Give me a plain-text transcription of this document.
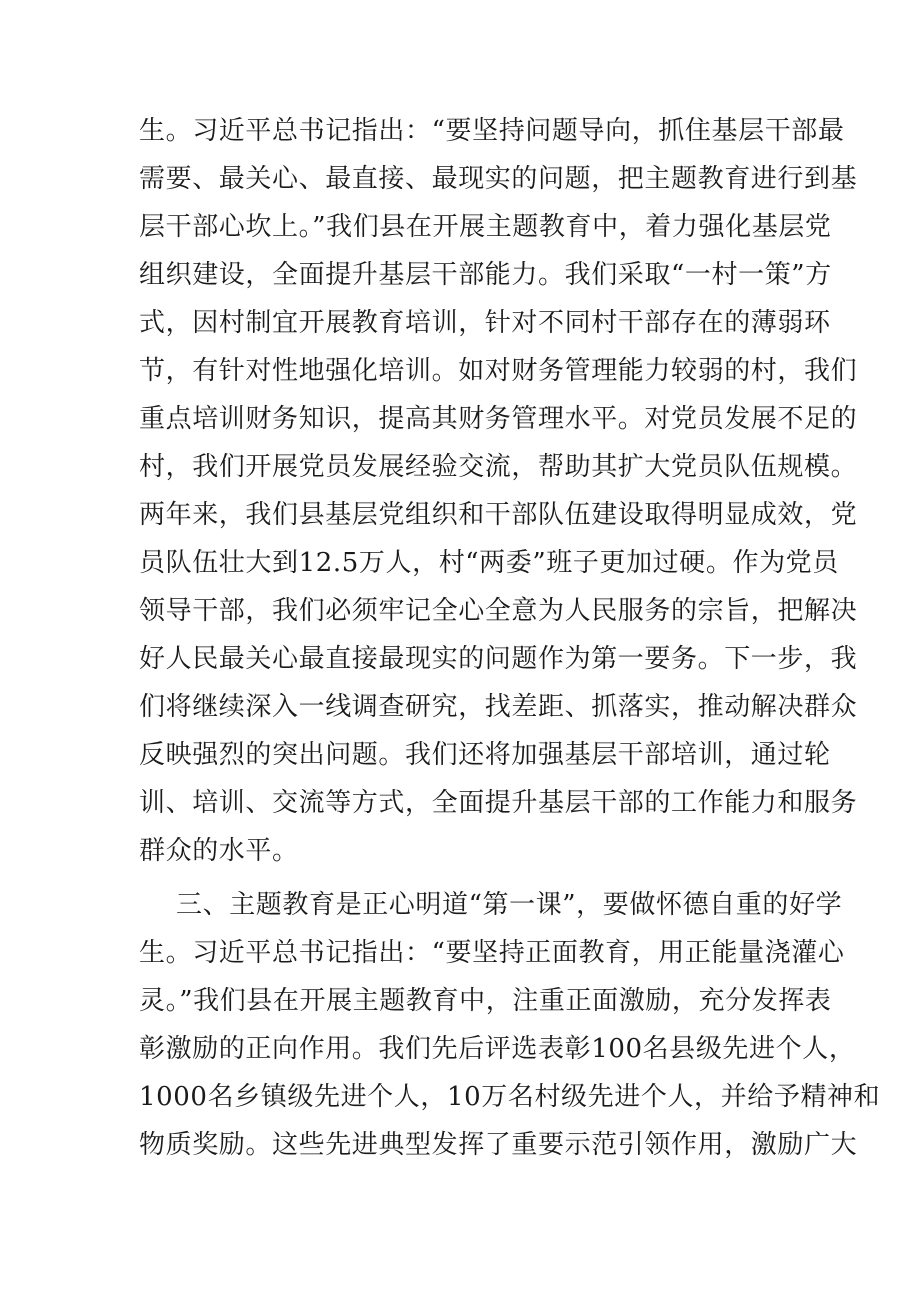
生。习近平总书记指出：“要坚持问题导向，抓住基层干部最
需要、最关心、最直接、最现实的问题，把主题教育进行到基
层干部心坎上。”我们县在开展主题教育中，着力强化基层党
组织建设，全面提升基层干部能力。我们采取“一村一策”方
式，因村制宜开展教育培训，针对不同村干部存在的薄弱环
节，有针对性地强化培训。如对财务管理能力较弱的村，我们
重点培训财务知识，提高其财务管理水平。对党员发展不足的
村，我们开展党员发展经验交流，帮助其扩大党员队伍规模。
两年来，我们县基层党组织和干部队伍建设取得明显成效，党
员队伍壮大到12.5万人，村“两委”班子更加过硬。作为党员
领导干部，我们必须牢记全心全意为人民服务的宗旨，把解决
好人民最关心最直接最现实的问题作为第一要务。下一步，我
们将继续深入一线调查研究，找差距、抓落实，推动解决群众
反映强烈的突出问题。我们还将加强基层干部培训，通过轮
训、培训、交流等方式，全面提升基层干部的工作能力和服务
群众的水平。
三、主题教育是正心明道“第一课”，要做怀德自重的好学
生。习近平总书记指出：“要坚持正面教育，用正能量浇灌心
灵。”我们县在开展主题教育中，注重正面激励，充分发挥表
彰激励的正向作用。我们先后评选表彰100名县级先进个人，
1000名乡镇级先进个人，10万名村级先进个人，并给予精神和
物质奖励。这些先进典型发挥了重要示范引领作用，激励广大
